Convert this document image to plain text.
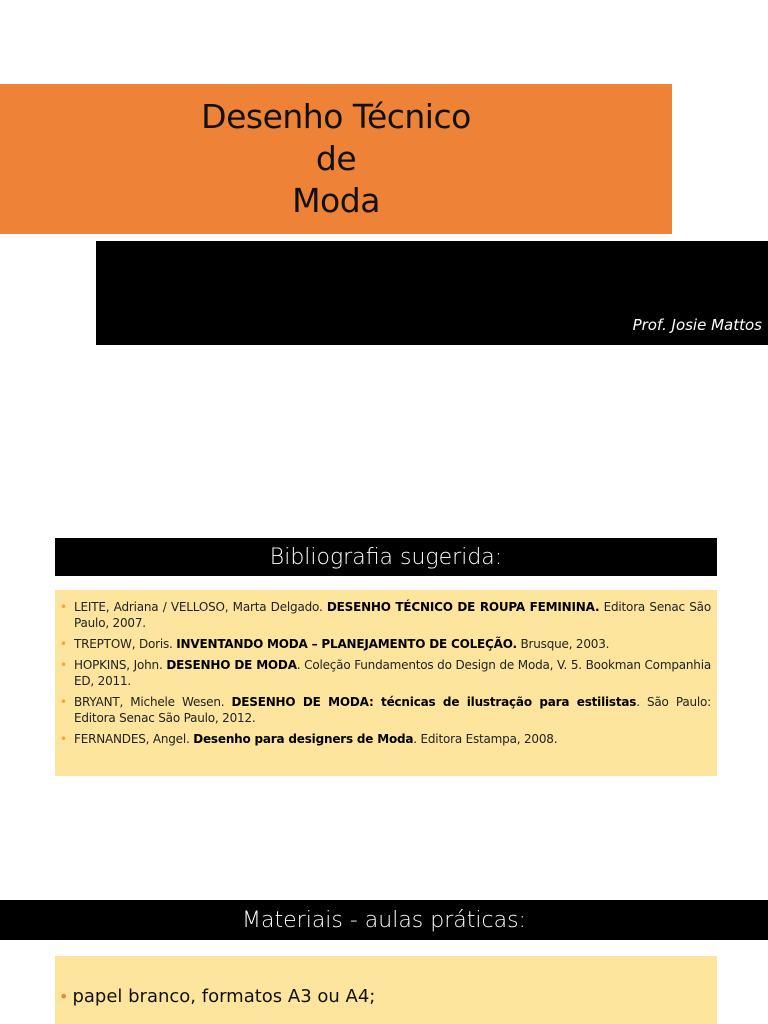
Desenho Técnico
de
Moda
Prof. Josie Mattos
Bibliografia sugerida:
• LEITE, Adriana / VELLOSO, Marta Delgado. DESENHO TÉCNICO DE ROUPA FEMININA. Editora Senac São Paulo, 2007.
• TREPTOW, Doris. INVENTANDO MODA – PLANEJAMENTO DE COLEÇÃO. Brusque, 2003.
• HOPKINS, John. DESENHO DE MODA. Coleção Fundamentos do Design de Moda, V. 5. Bookman Companhia ED, 2011.
• BRYANT, Michele Wesen. DESENHO DE MODA: técnicas de ilustração para estilistas. São Paulo: Editora Senac São Paulo, 2012.
• FERNANDES, Angel. Desenho para designers de Moda. Editora Estampa, 2008.
Materiais - aulas práticas:
• papel branco, formatos A3 ou A4;
